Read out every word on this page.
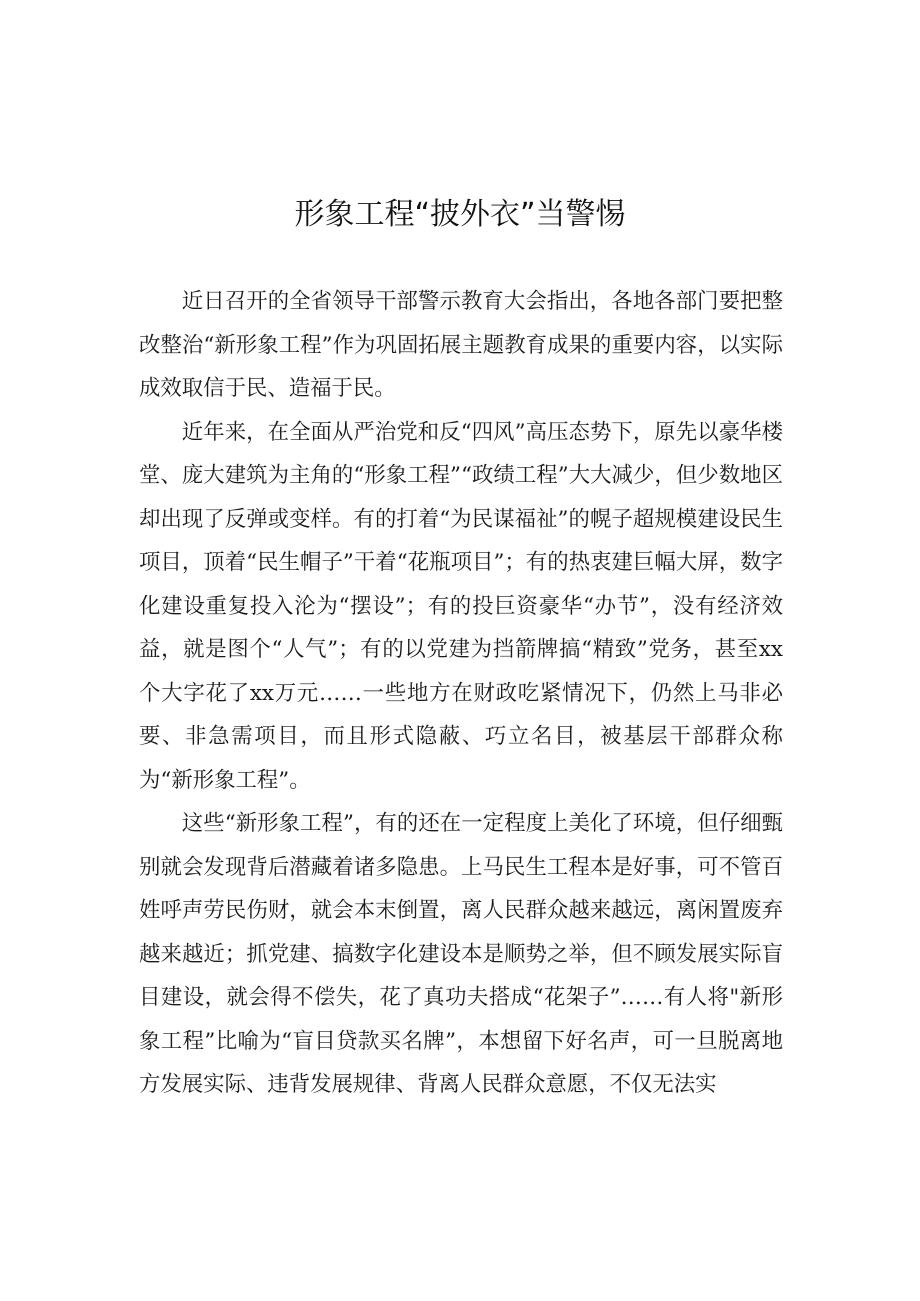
形象工程“披外衣”当警惕

近日召开的全省领导干部警示教育大会指出，各地各部门要把整改整治“新形象工程”作为巩固拓展主题教育成果的重要内容，以实际成效取信于民、造福于民。

近年来，在全面从严治党和反“四风”高压态势下，原先以豪华楼堂、庞大建筑为主角的“形象工程”“政绩工程”大大减少，但少数地区却出现了反弹或变样。有的打着“为民谋福祉”的幌子超规模建设民生项目，顶着“民生帽子”干着“花瓶项目”；有的热衷建巨幅大屏，数字化建设重复投入沦为“摆设”；有的投巨资豪华“办节”，没有经济效益，就是图个“人气”；有的以党建为挡箭牌搞“精致”党务，甚至xx个大字花了xx万元……一些地方在财政吃紧情况下，仍然上马非必要、非急需项目，而且形式隐蔽、巧立名目，被基层干部群众称为“新形象工程”。

这些“新形象工程”，有的还在一定程度上美化了环境，但仔细甄别就会发现背后潜藏着诸多隐患。上马民生工程本是好事，可不管百姓呼声劳民伤财，就会本末倒置，离人民群众越来越远，离闲置废弃越来越近；抓党建、搞数字化建设本是顺势之举，但不顾发展实际盲目建设，就会得不偿失，花了真功夫搭成“花架子”……有人将"新形象工程”比喻为“盲目贷款买名牌”，本想留下好名声，可一旦脱离地方发展实际、违背发展规律、背离人民群众意愿，不仅无法实
